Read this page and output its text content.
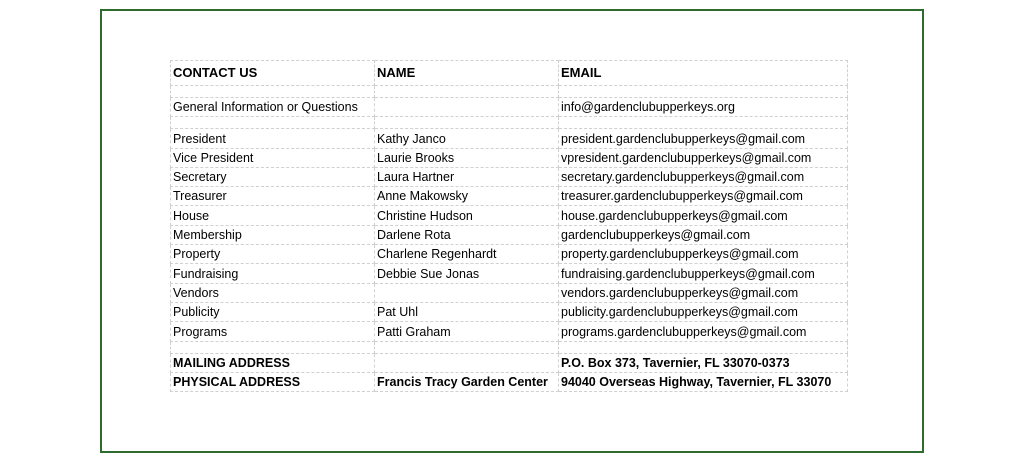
CONTACT US	NAME	EMAIL

General Information or Questions		info@gardenclubupperkeys.org

President	Kathy Janco	president.gardenclubupperkeys@gmail.com
Vice President	Laurie Brooks	vpresident.gardenclubupperkeys@gmail.com
Secretary	Laura Hartner	secretary.gardenclubupperkeys@gmail.com
Treasurer	Anne Makowsky	treasurer.gardenclubupperkeys@gmail.com
House	Christine Hudson	house.gardenclubupperkeys@gmail.com
Membership	Darlene Rota	gardenclubupperkeys@gmail.com
Property	Charlene Regenhardt	property.gardenclubupperkeys@gmail.com
Fundraising	Debbie Sue Jonas	fundraising.gardenclubupperkeys@gmail.com
Vendors		vendors.gardenclubupperkeys@gmail.com
Publicity	Pat Uhl	publicity.gardenclubupperkeys@gmail.com
Programs	Patti Graham	programs.gardenclubupperkeys@gmail.com

MAILING ADDRESS		P.O. Box 373, Tavernier, FL 33070-0373
PHYSICAL ADDRESS	Francis Tracy Garden Center	94040 Overseas Highway, Tavernier, FL 33070
